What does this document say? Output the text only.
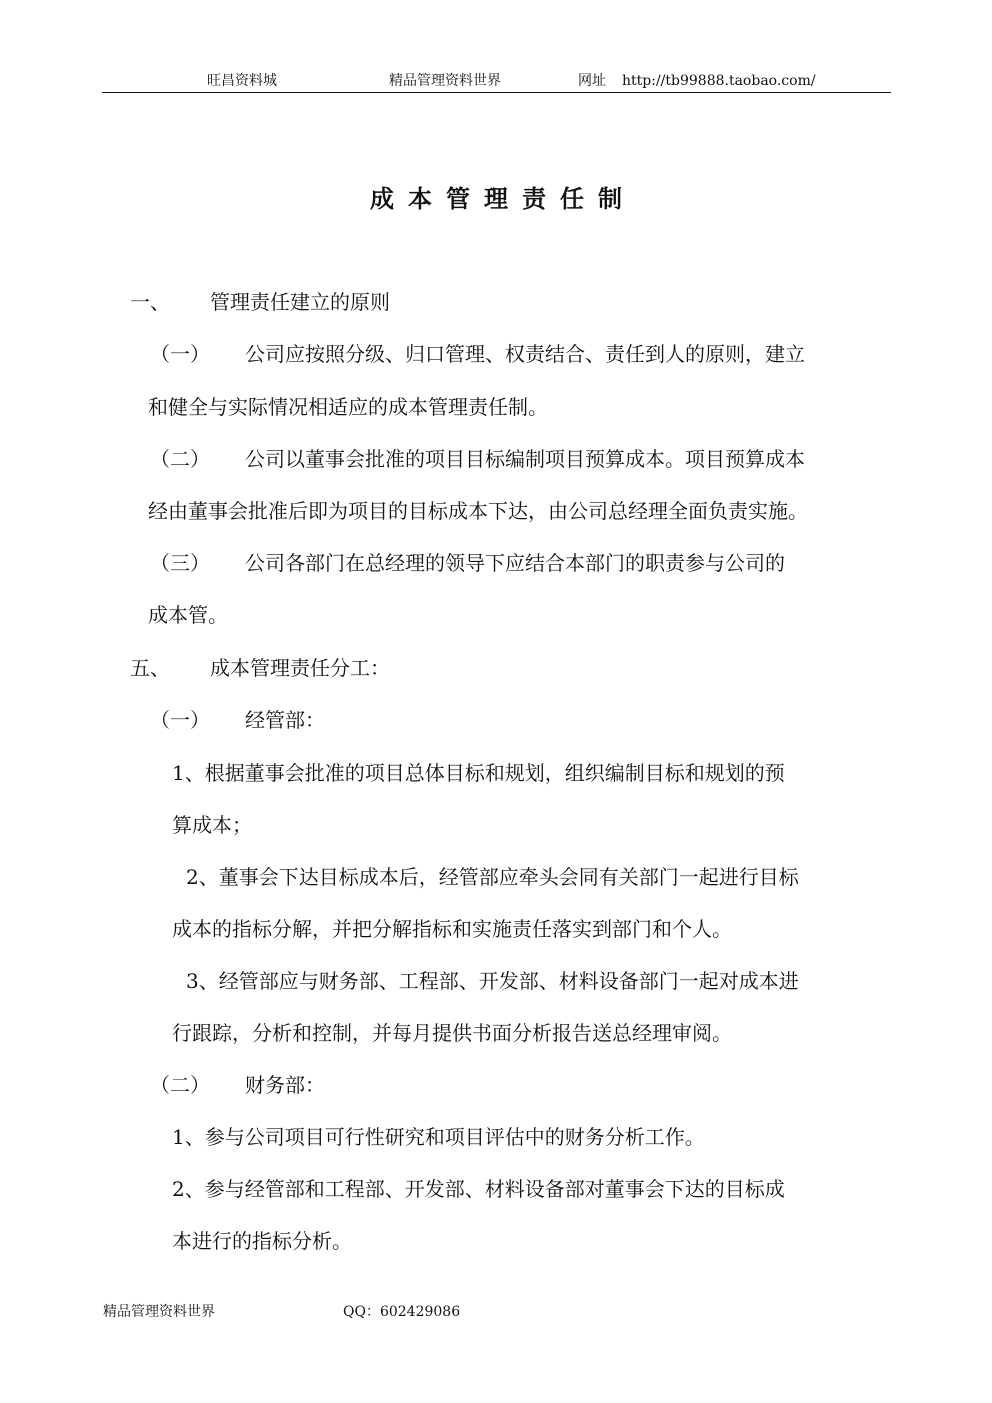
旺昌资料城	精品管理资料世界	网址 http://tb99888.taobao.com/
成本管理责任制
一、 管理责任建立的原则
（一） 公司应按照分级、归口管理、权责结合、责任到人的原则，建立
和健全与实际情况相适应的成本管理责任制。
（二） 公司以董事会批准的项目目标编制项目预算成本。项目预算成本
经由董事会批准后即为项目的目标成本下达，由公司总经理全面负责实施。
（三） 公司各部门在总经理的领导下应结合本部门的职责参与公司的
成本管。
五、 成本管理责任分工：
（一） 经管部：
1、根据董事会批准的项目总体目标和规划，组织编制目标和规划的预
算成本；
2、董事会下达目标成本后，经管部应牵头会同有关部门一起进行目标
成本的指标分解，并把分解指标和实施责任落实到部门和个人。
3、经管部应与财务部、工程部、开发部、材料设备部门一起对成本进
行跟踪，分析和控制，并每月提供书面分析报告送总经理审阅。
（二） 财务部：
1、参与公司项目可行性研究和项目评估中的财务分析工作。
2、参与经管部和工程部、开发部、材料设备部对董事会下达的目标成
本进行的指标分析。
精品管理资料世界	QQ：602429086
